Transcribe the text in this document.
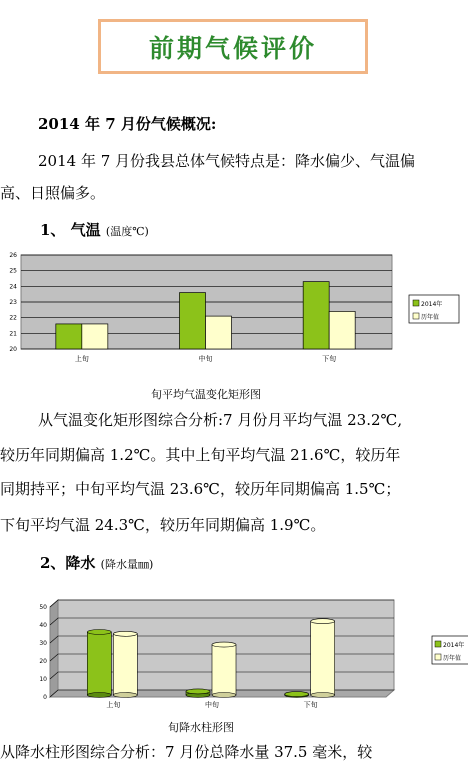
前期气候评价
2014 年 7 月份气候概况:
2014 年 7 月份我县总体气候特点是：降水偏少、气温偏
高、日照偏多。
1、 气温 (温度℃)
20
21
22
23
24
25
26
上旬	中旬	下旬
2014年
历年值
旬平均气温变化矩形图
从气温变化矩形图综合分析:7 月份月平均气温 23.2℃,
较历年同期偏高 1.2℃。其中上旬平均气温 21.6℃，较历年
同期持平；中旬平均气温 23.6℃，较历年同期偏高 1.5℃；
下旬平均气温 24.3℃，较历年同期偏高 1.9℃。
2、降水 (降水量㎜)
0
10
20
30
40
50
上旬	中旬	下旬
2014年
历年值
旬降水柱形图
从降水柱形图综合分析：7 月份总降水量 37.5 毫米，较
